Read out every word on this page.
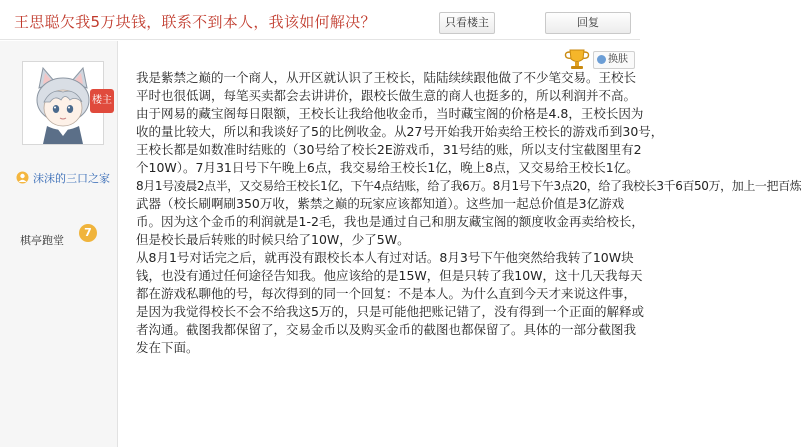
王思聪欠我5万块钱，联系不到本人，我该如何解决？	只看楼主	回复
楼主
沫沫的三口之家
棋亭跑堂
7
换肤

我是紫禁之巅的一个商人，从开区就认识了王校长，陆陆续续跟他做了不少笔交易。王校长

平时也很低调，每笔买卖都会去讲讲价，跟校长做生意的商人也挺多的，所以利润并不高。

由于网易的藏宝阁每日限额，王校长让我给他收金币，当时藏宝阁的价格是4.8，王校长因为

收的量比较大，所以和我谈好了5的比例收金。从27号开始我开始卖给王校长的游戏币到30号，

王校长都是如数准时结账的（30号给了校长2E游戏币，31号结的账，所以支付宝截图里有2

个10W）。7月31日号下午晚上6点，我交易给王校长1亿，晚上8点，又交易给王校长1亿。

8月1号凌晨2点半，又交易给王校长1亿，下午4点结账，给了我6万。8月1号下午3点20，给了我校长3千6百50万，加上一把百炼

武器（校长刷啊刷350万收，紫禁之巅的玩家应该都知道）。这些加一起总价值是3亿游戏

币。因为这个金币的利润就是1-2毛，我也是通过自己和朋友藏宝阁的额度收金再卖给校长，

但是校长最后转账的时候只给了10W，少了5W。

从8月1号对话完之后，就再没有跟校长本人有过对话。8月3号下午他突然给我转了10W块

钱，也没有通过任何途径告知我。他应该给的是15W，但是只转了我10W，这十几天我每天

都在游戏私聊他的号，每次得到的同一个回复：不是本人。为什么直到今天才来说这件事，

是因为我觉得校长不会不给我这5万的，只是可能他把账记错了，没有得到一个正面的解释或

者沟通。截图我都保留了，交易金币以及购买金币的截图也都保留了。具体的一部分截图我

发在下面。
